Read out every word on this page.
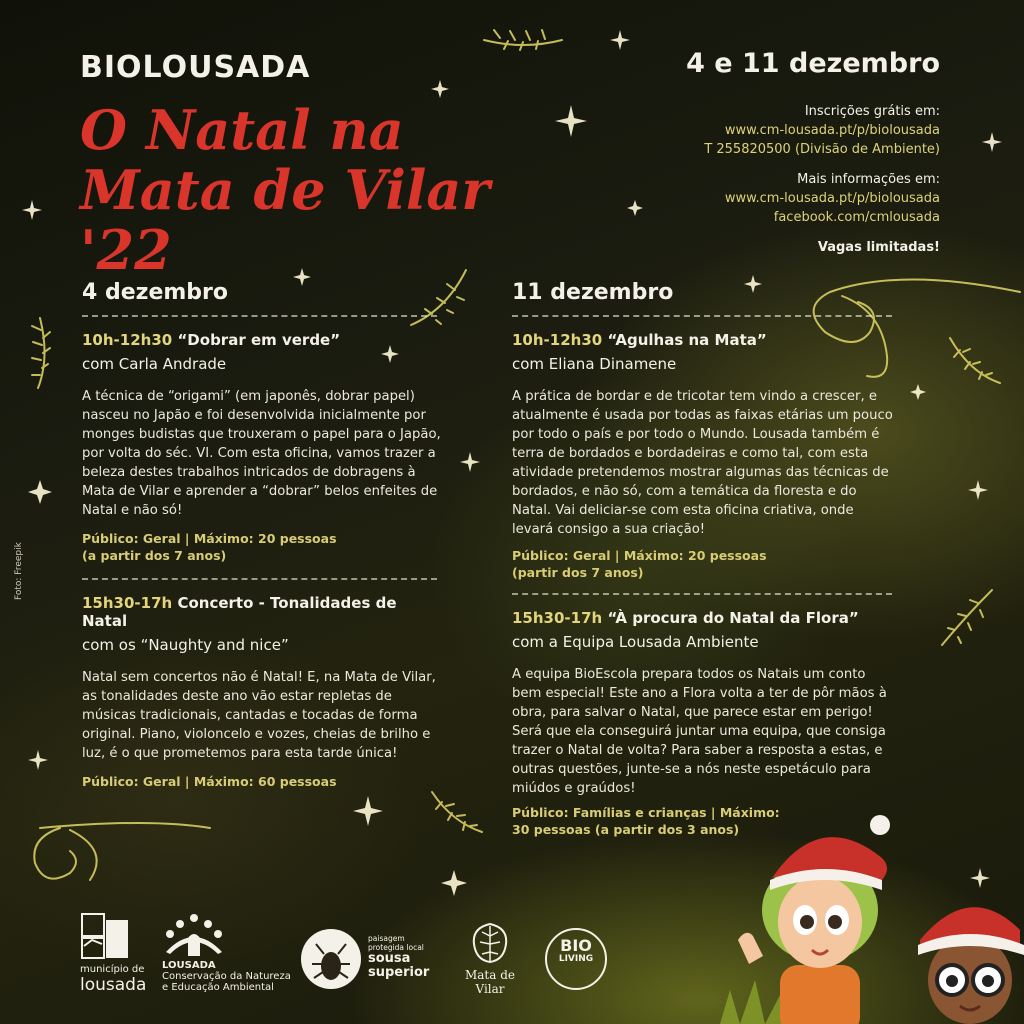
BIOLOUSADA
O Natal na
Mata de Vilar '22
4 e 11 dezembro
Inscrições grátis em:
www.cm-lousada.pt/p/biolousada
T 255820500 (Divisão de Ambiente)
Mais informações em:
www.cm-lousada.pt/p/biolousada
facebook.com/cmlousada
Vagas limitadas!
4 dezembro
10h-12h30 “Dobrar em verde”
com Carla Andrade
A técnica de “origami” (em japonês, dobrar papel) nasceu no Japão e foi desenvolvida inicialmente por monges budistas que trouxeram o papel para o Japão, por volta do séc. VI. Com esta oficina, vamos trazer a beleza destes trabalhos intricados de dobragens à Mata de Vilar e aprender a “dobrar” belos enfeites de Natal e não só!
Público: Geral | Máximo: 20 pessoas
(a partir dos 7 anos)
15h30-17h Concerto - Tonalidades de Natal
com os “Naughty and nice”
Natal sem concertos não é Natal! E, na Mata de Vilar, as tonalidades deste ano vão estar repletas de músicas tradicionais, cantadas e tocadas de forma original. Piano, violoncelo e vozes, cheias de brilho e luz, é o que prometemos para esta tarde única!
Público: Geral | Máximo: 60 pessoas
11 dezembro
10h-12h30 “Agulhas na Mata”
com Eliana Dinamene
A prática de bordar e de tricotar tem vindo a crescer, e atualmente é usada por todas as faixas etárias um pouco por todo o país e por todo o Mundo. Lousada também é terra de bordados e bordadeiras e como tal, com esta atividade pretendemos mostrar algumas das técnicas de bordados, e não só, com a temática da floresta e do Natal. Vai deliciar-se com esta oficina criativa, onde levará consigo a sua criação!
Público: Geral | Máximo: 20 pessoas
(partir dos 7 anos)
15h30-17h “À procura do Natal da Flora”
com a Equipa Lousada Ambiente
A equipa BioEscola prepara todos os Natais um conto bem especial! Este ano a Flora volta a ter de pôr mãos à obra, para salvar o Natal, que parece estar em perigo! Será que ela conseguirá juntar uma equipa, que consiga trazer o Natal de volta? Para saber a resposta a estas, e outras questões, junte-se a nós neste espetáculo para miúdos e graúdos!
Público: Famílias e crianças | Máximo:
30 pessoas (a partir dos 3 anos)
Foto: Freepik
município de
lousada
LOUSADA
Conservação da Natureza
e Educação Ambiental
paisagem
protegida local
sousa
superior	Mata de Vilar
BIO
LIVING
